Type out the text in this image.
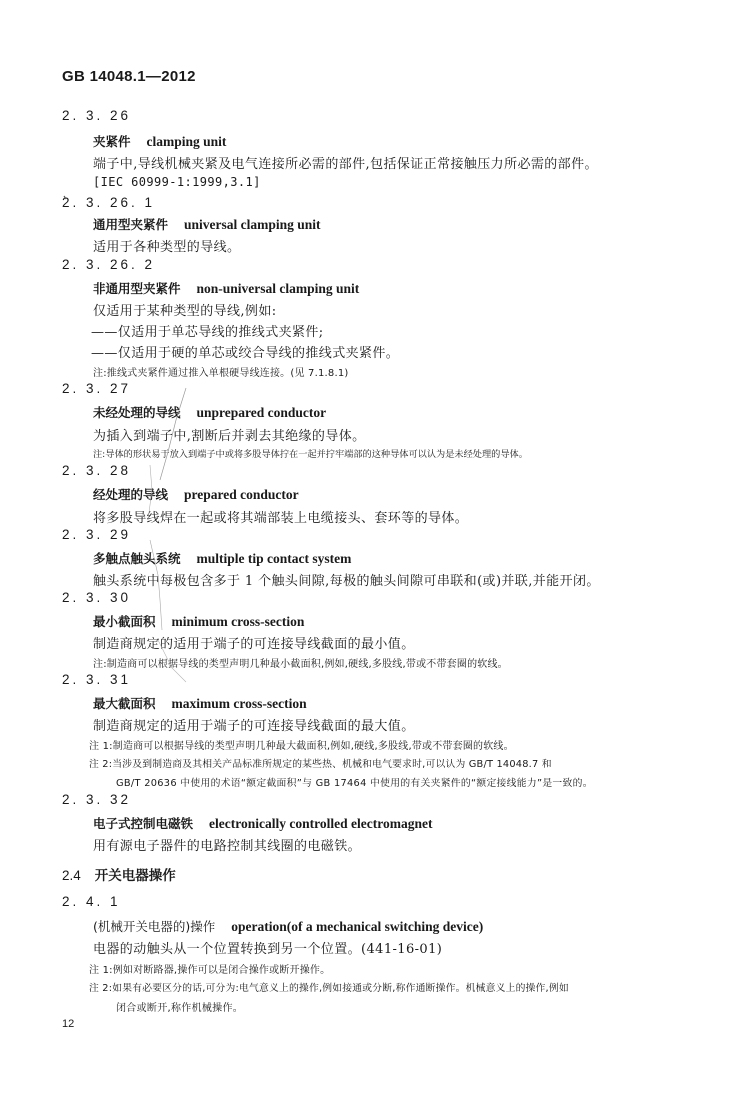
GB 14048.1—2012
2. 3. 26
夹紧件 clamping unit
端子中,导线机械夹紧及电气连接所必需的部件,包括保证正常接触压力所必需的部件。
[IEC 60999-1:1999,3.1]
2. 3. 26. 1
通用型夹紧件 universal clamping unit
适用于各种类型的导线。
2. 3. 26. 2
非通用型夹紧件 non-universal clamping unit
仅适用于某种类型的导线,例如:
——仅适用于单芯导线的推线式夹紧件;
——仅适用于硬的单芯或绞合导线的推线式夹紧件。
注:推线式夹紧件通过推入单根硬导线连接。(见 7.1.8.1)
2. 3. 27
未经处理的导线 unprepared conductor
为插入到端子中,割断后并剥去其绝缘的导体。
注:导体的形状易于放入到端子中或将多股导体拧在一起并拧牢端部的这种导体可以认为是未经处理的导体。
2. 3. 28
经处理的导线 prepared conductor
将多股导线焊在一起或将其端部装上电缆接头、套环等的导体。
2. 3. 29
多触点触头系统 multiple tip contact system
触头系统中每极包含多于 1 个触头间隙,每极的触头间隙可串联和(或)并联,并能开闭。
2. 3. 30
最小截面积 minimum cross-section
制造商规定的适用于端子的可连接导线截面的最小值。
注:制造商可以根据导线的类型声明几种最小截面积,例如,硬线,多股线,带或不带套圈的软线。
2. 3. 31
最大截面积 maximum cross-section
制造商规定的适用于端子的可连接导线截面的最大值。
注 1:制造商可以根据导线的类型声明几种最大截面积,例如,硬线,多股线,带或不带套圈的软线。
注 2:当涉及到制造商及其相关产品标准所规定的某些热、机械和电气要求时,可以认为 GB/T 14048.7 和
GB/T 20636 中使用的术语“额定截面积”与 GB 17464 中使用的有关夹紧件的“额定接线能力”是一致的。
2. 3. 32
电子式控制电磁铁 electronically controlled electromagnet
用有源电子器件的电路控制其线圈的电磁铁。
2.4 开关电器操作
2. 4. 1
(机械开关电器的)操作 operation(of a mechanical switching device)
电器的动触头从一个位置转换到另一个位置。(441-16-01)
注 1:例如对断路器,操作可以是闭合操作或断开操作。
注 2:如果有必要区分的话,可分为:电气意义上的操作,例如接通或分断,称作通断操作。机械意义上的操作,例如
闭合或断开,称作机械操作。
12
